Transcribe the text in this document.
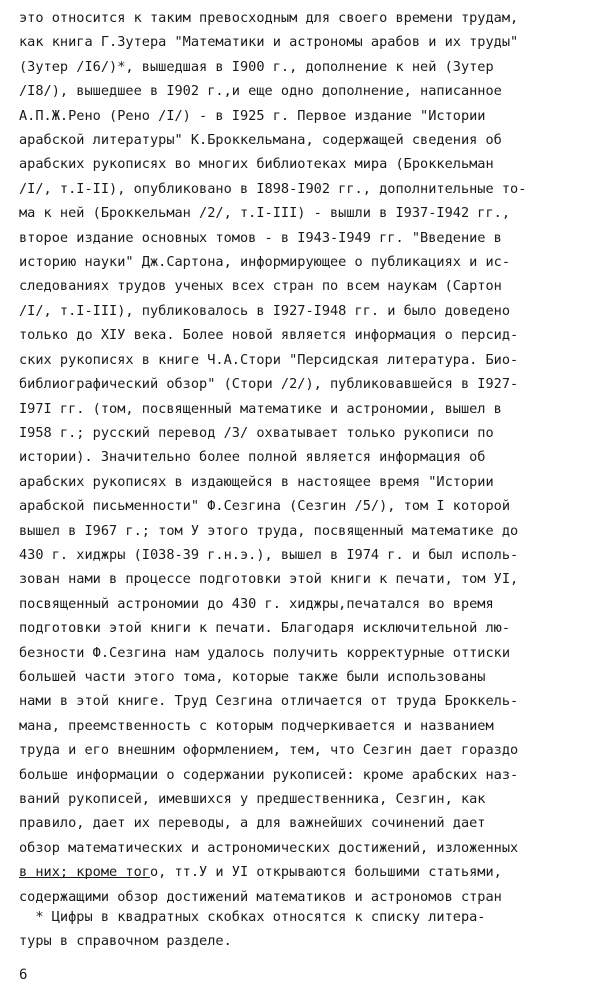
это относится к таким превосходным для своего времени трудам,
как книга Г.Зутера "Математики и астрономы арабов и их труды"
(Зутер /I6/)*, вышедшая в I900 г., дополнение к ней (Зутер
/I8/), вышедшее в I902 г.,и еще одно дополнение, написанное
А.П.Ж.Рено (Рено /I/) - в I925 г. Первое издание "Истории
арабской литературы" К.Броккельмана, содержащей сведения об
арабских рукописях во многих библиотеках мира (Броккельман
/I/, т.I-II), опубликовано в I898-I902 гг., дополнительные то-
ма к ней (Броккельман /2/, т.I-III) - вышли в I937-I942 гг.,
второе издание основных томов - в I943-I949 гг. "Введение в
историю науки" Дж.Сартона, информирующее о публикациях и ис-
следованиях трудов ученых всех стран по всем наукам (Сартон
/I/, т.I-III), публиковалось в I927-I948 гг. и было доведено
только до XIУ века. Более новой является информация о персид-
ских рукописях в книге Ч.А.Стори "Персидская литература. Био-
библиографический обзор" (Стори /2/), публиковавшейся в I927-
I97I гг. (том, посвященный математике и астрономии, вышел в
I958 г.; русский перевод /3/ охватывает только рукописи по
истории). Значительно более полной является информация об
арабских рукописях в издающейся в настоящее время "Истории
арабской письменности" Ф.Сезгина (Сезгин /5/), том I которой
вышел в I967 г.; том У этого труда, посвященный математике до
430 г. хиджры (I038-39 г.н.э.), вышел в I974 г. и был исполь-
зован нами в процессе подготовки этой книги к печати, том УI,
посвященный астрономии до 430 г. хиджры,печатался во время
подготовки этой книги к печати. Благодаря исключительной лю-
безности Ф.Сезгина нам удалось получить корректурные оттиски
большей части этого тома, которые также были использованы
нами в этой книге. Труд Сезгина отличается от труда Броккель-
мана, преемственность с которым подчеркивается и названием
труда и его внешним оформлением, тем, что Сезгин дает гораздо
больше информации о содержании рукописей: кроме арабских наз-
ваний рукописей, имевшихся у предшественника, Сезгин, как
правило, дает их переводы, а для важнейших сочинений дает
обзор математических и астрономических достижений, изложенных
в них; кроме того, тт.У и УI открываются большими статьями,
содержащими обзор достижений математиков и астрономов стран
* Цифры в квадратных скобках относятся к списку литера-
туры в справочном разделе.
6
